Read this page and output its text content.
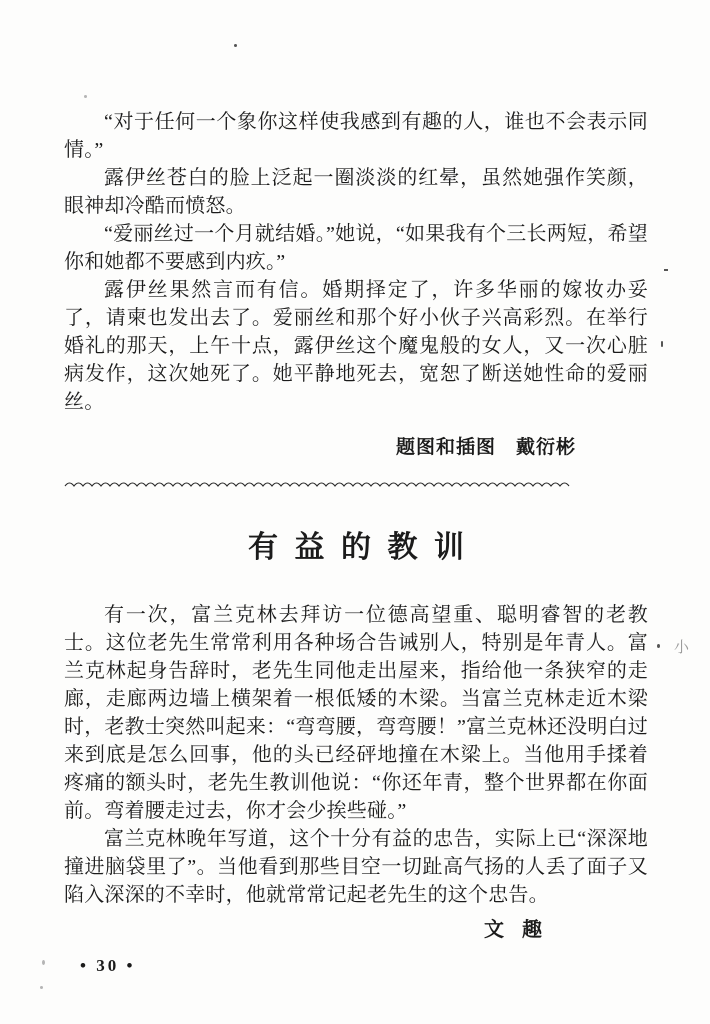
“对于任何一个象你这样使我感到有趣的人，谁也不会表示同情。”

露伊丝苍白的脸上泛起一圈淡淡的红晕，虽然她强作笑颜，眼神却冷酷而愤怒。

“爱丽丝过一个月就结婚。”她说，“如果我有个三长两短，希望你和她都不要感到内疚。”

露伊丝果然言而有信。婚期择定了，许多华丽的嫁妆办妥了，请柬也发出去了。爱丽丝和那个好小伙子兴高彩烈。在举行婚礼的那天，上午十点，露伊丝这个魔鬼般的女人，又一次心脏病发作，这次她死了。她平静地死去，宽恕了断送她性命的爱丽丝。

题图和插图　戴衍彬
有益的教训

有一次，富兰克林去拜访一位德高望重、聪明睿智的老教士。这位老先生常常利用各种场合告诫别人，特别是年青人。富兰克林起身告辞时，老先生同他走出屋来，指给他一条狭窄的走廊，走廊两边墙上横架着一根低矮的木梁。当富兰克林走近木梁时，老教士突然叫起来：“弯弯腰，弯弯腰！”富兰克林还没明白过来到底是怎么回事，他的头已经砰地撞在木梁上。当他用手揉着疼痛的额头时，老先生教训他说：“你还年青，整个世界都在你面前。弯着腰走过去，你才会少挨些碰。”

富兰克林晚年写道，这个十分有益的忠告，实际上已“深深地撞进脑袋里了”。当他看到那些目空一切趾高气扬的人丢了面子又陷入深深的不幸时，他就常常记起老先生的这个忠告。

文趣
• 30 •
小
